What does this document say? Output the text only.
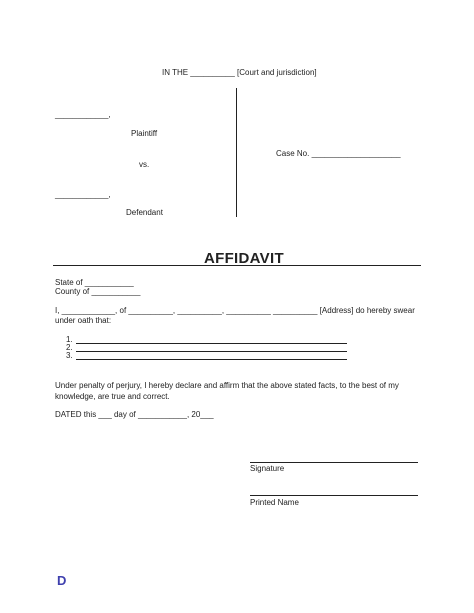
IN THE __________ [Court and jurisdiction]
____________,
Plaintiff
vs.
____________,
Defendant
Case No. ____________________
AFFIDAVIT
State of ___________
County of ___________
I, ____________, of __________, __________, __________ __________ [Address] do hereby swear
under oath that:
1.
2.
3.
Under penalty of perjury, I hereby declare and affirm that the above stated facts, to the best of my knowledge, are true and correct.
DATED this ___ day of ___________, 20___
Signature
Printed Name
D
